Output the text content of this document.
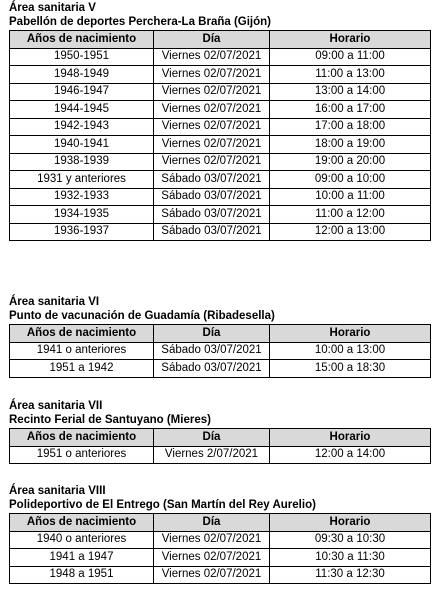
Área sanitaria V
Pabellón de deportes Perchera-La Braña (Gijón)
Años de nacimiento	Día	Horario
1950-1951	Viernes 02/07/2021	09:00 a 11:00
1948-1949	Viernes 02/07/2021	11:00 a 13:00
1946-1947	Viernes 02/07/2021	13:00 a 14:00
1944-1945	Viernes 02/07/2021	16:00 a 17:00
1942-1943	Viernes 02/07/2021	17:00 a 18:00
1940-1941	Viernes 02/07/2021	18:00 a 19:00
1938-1939	Viernes 02/07/2021	19:00 a 20:00
1931 y anteriores	Sábado 03/07/2021	09:00 a 10:00
1932-1933	Sábado 03/07/2021	10:00 a 11:00
1934-1935	Sábado 03/07/2021	11:00 a 12:00
1936-1937	Sábado 03/07/2021	12:00 a 13:00
Área sanitaria VI
Punto de vacunación de Guadamía (Ribadesella)
Años de nacimiento	Día	Horario
1941 o anteriores	Sábado 03/07/2021	10:00 a 13:00
1951 a 1942	Sábado 03/07/2021	15:00 a 18:30
Área sanitaria VII
Recinto Ferial de Santuyano (Mieres)
Años de nacimiento	Día	Horario
1951 o anteriores	Viernes 2/07/2021	12:00 a 14:00
Área sanitaria VIII
Polideportivo de El Entrego (San Martín del Rey Aurelio)
Años de nacimiento	Día	Horario
1940 o anteriores	Viernes 02/07/2021	09:30 a 10:30
1941 a 1947	Viernes 02/07/2021	10:30 a 11:30
1948 a 1951	Viernes 02/07/2021	11:30 a 12:30
